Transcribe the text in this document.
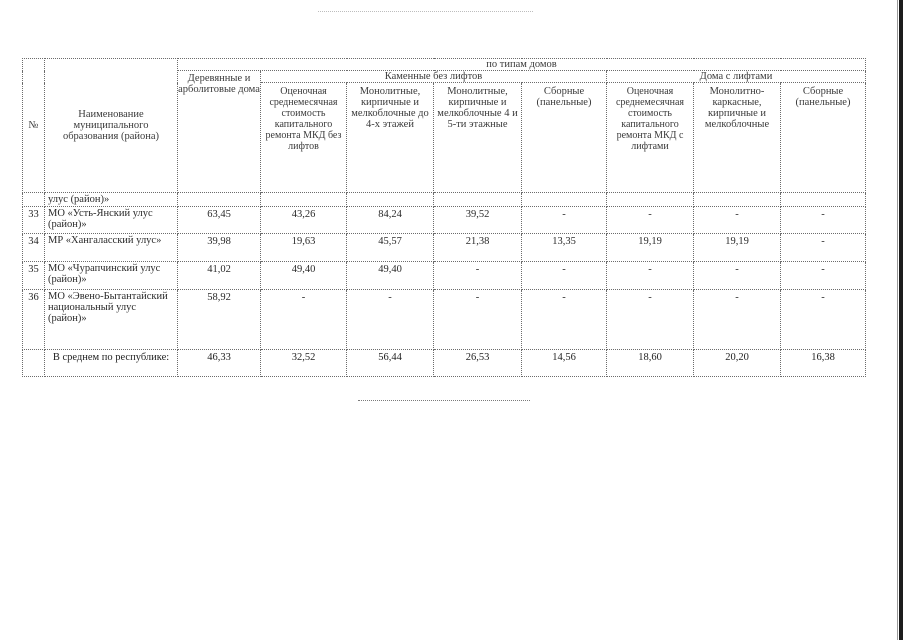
№	Наименование муниципального образования (района)	по типам домов							
		Деревянные и арболитовые дома	Каменные без лифтов				Дома с лифтами		
			Оценочная среднемесячная стоимость капитального ремонта МКД без лифтов	Монолитные, кирпичные и мелкоблочные до 4-х этажей	Монолитные, кирпичные и мелкоблочные 4 и 5-ти этажные	Сборные (панельные)	Оценочная среднемесячная стоимость капитального ремонта МКД с лифтами	Монолитно-каркасные, кирпичные и мелкоблочные	Сборные (панельные)
	улус (район)»								
33	МО «Усть-Янский улус (район)»	63,45	43,26	84,24	39,52	-	-	-	-
34	МР «Хангаласский улус»	39,98	19,63	45,57	21,38	13,35	19,19	19,19	-
35	МО «Чурапчинский улус (район)»	41,02	49,40	49,40	-	-	-	-	-
36	МО «Эвено-Бытантайский национальный улус (район)»	58,92	-	-	-	-	-	-	-
	В среднем по республике:	46,33	32,52	56,44	26,53	14,56	18,60	20,20	16,38
